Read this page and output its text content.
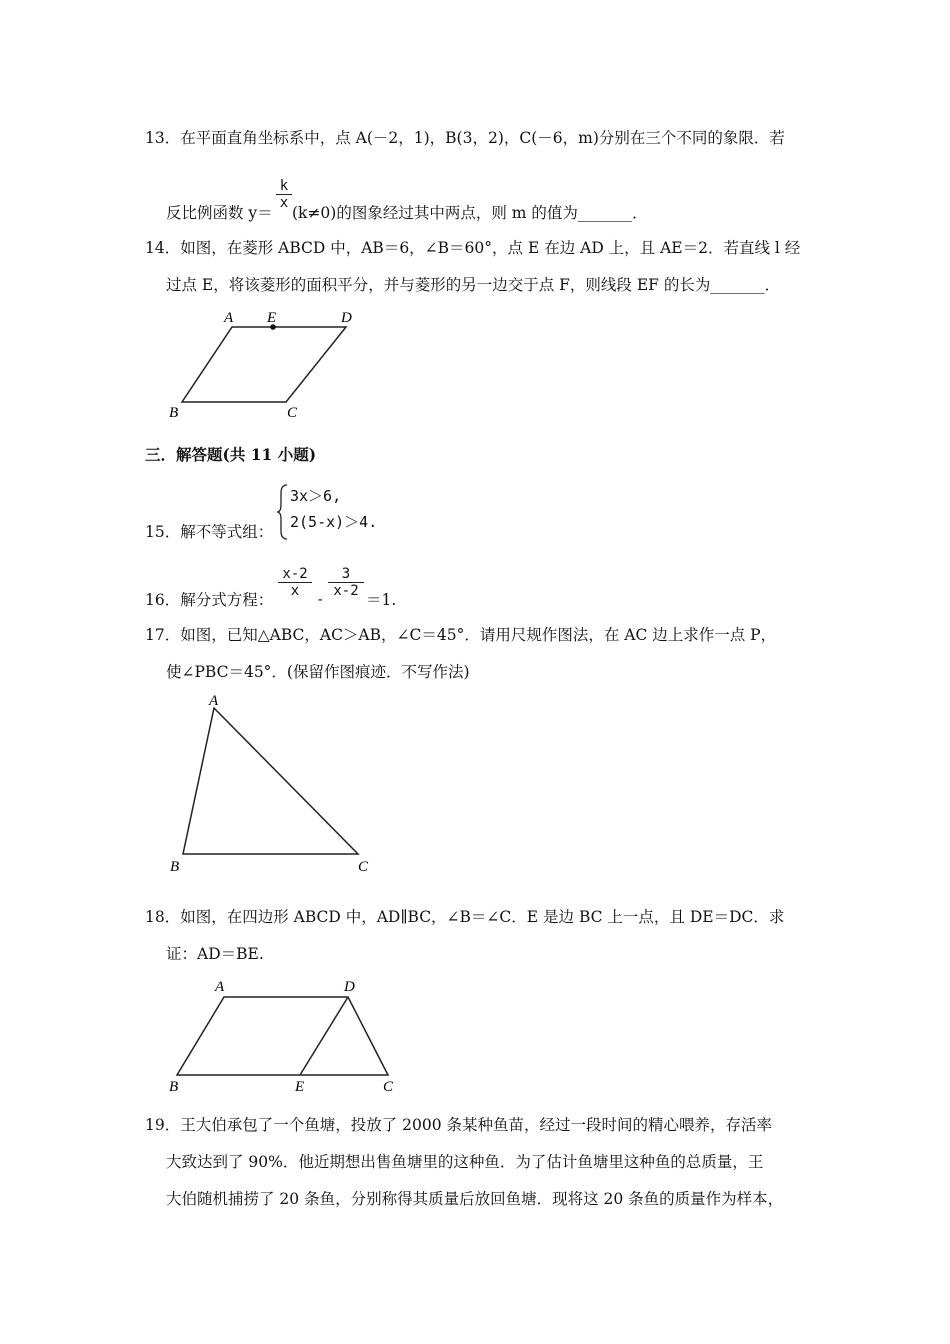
13．在平面直角坐标系中，点 A(－2，1)，B(3，2)，C(－6，m)分别在三个不同的象限．若
k
x
反比例函数 y＝ (k≠0)的图象经过其中两点，则 m 的值为_______．
14．如图，在菱形 ABCD 中，AB＝6，∠B＝60°，点 E 在边 AD 上，且 AE＝2．若直线 l 经
过点 E，将该菱形的面积平分，并与菱形的另一边交于点 F，则线段 EF 的长为_______．
A E	D
B	C
三．解答题(共 11 小题)
15．解不等式组：
3x＞6,
2(5-x)＞4.
16．解分式方程：
x-2
x
-
3
x-2 ＝1.
17．如图，已知△ABC，AC＞AB，∠C＝45°．请用尺规作图法，在 AC 边上求作一点 P，
使∠PBC＝45°．(保留作图痕迹．不写作法)
A
B	C
18．如图，在四边形 ABCD 中，AD∥BC，∠B＝∠C．E 是边 BC 上一点，且 DE＝DC．求
证：AD＝BE.
A	D
B	E	C
19．王大伯承包了一个鱼塘，投放了 2000 条某种鱼苗，经过一段时间的精心喂养，存活率
大致达到了 90%．他近期想出售鱼塘里的这种鱼．为了估计鱼塘里这种鱼的总质量，王
大伯随机捕捞了 20 条鱼，分别称得其质量后放回鱼塘．现将这 20 条鱼的质量作为样本，
